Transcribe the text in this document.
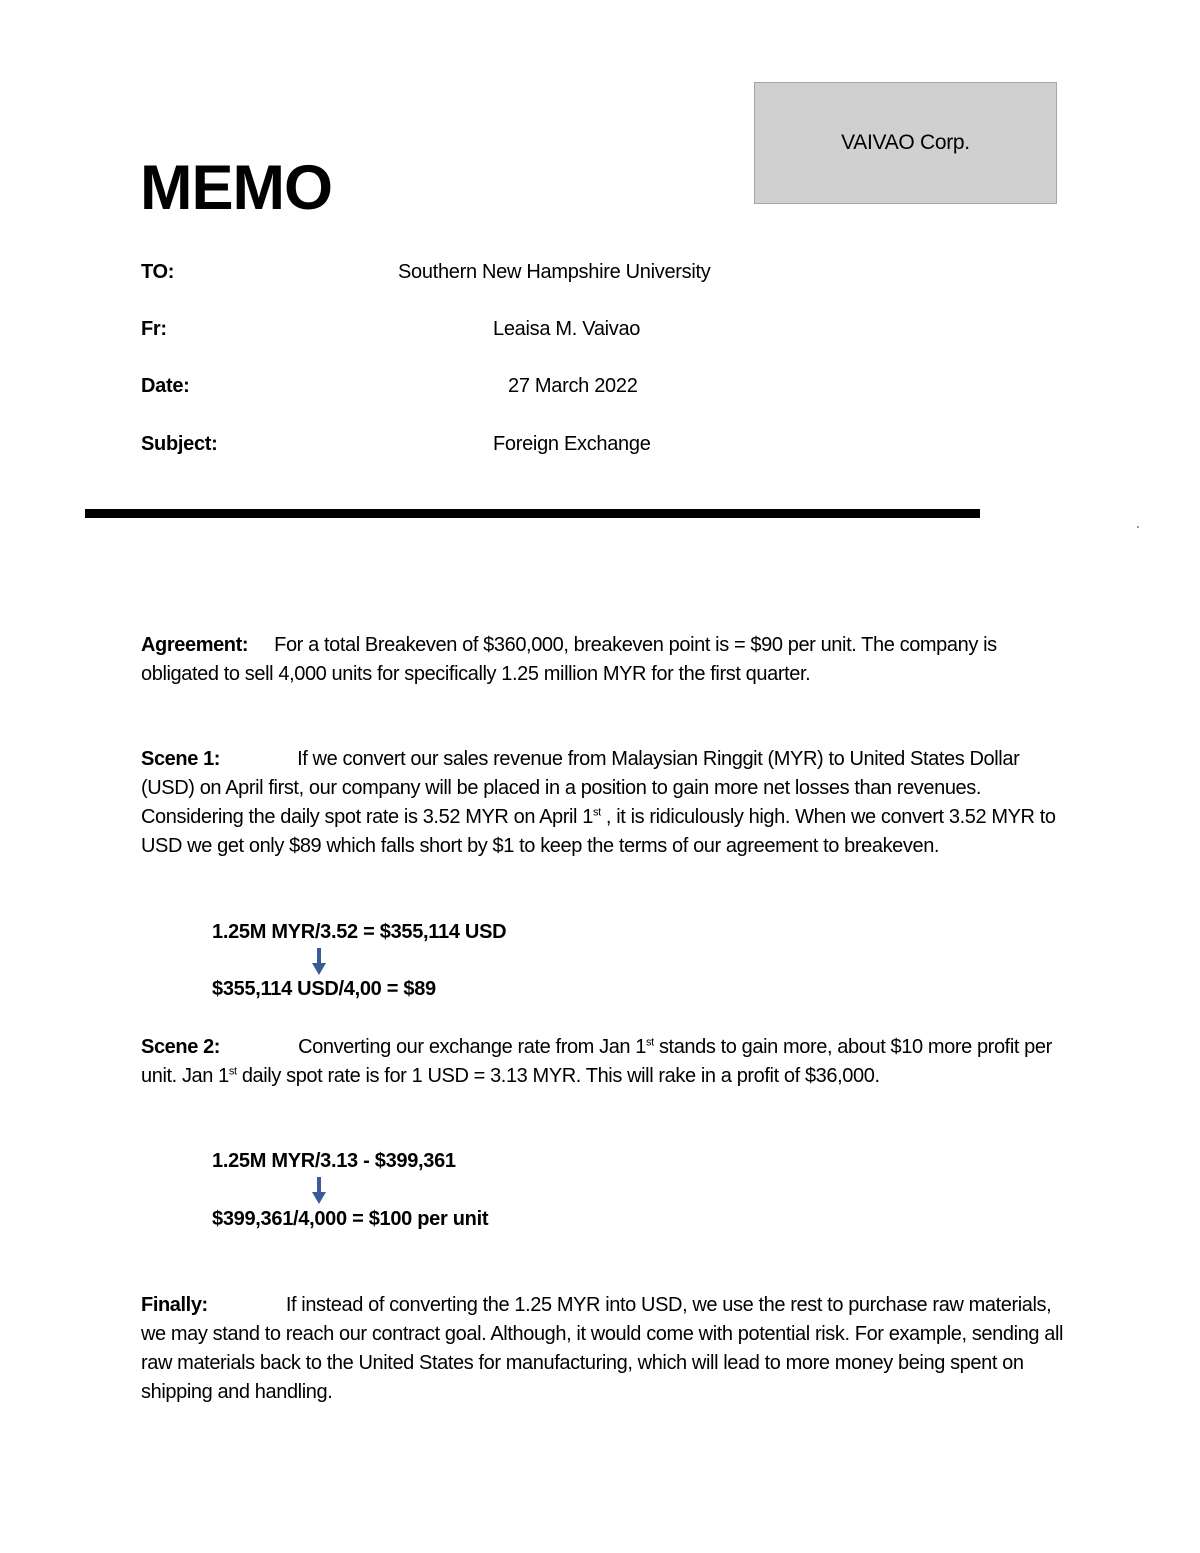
VAIVAO Corp.
MEMO
TO:	Southern New Hampshire University
Fr:	Leaisa M. Vaivao
Date:	27 March 2022
Subject:	Foreign Exchange
Agreement: For a total Breakeven of $360,000, breakeven point is = $90 per unit. The company is obligated to sell 4,000 units for specifically 1.25 million MYR for the first quarter.
Scene 1:	If we convert our sales revenue from Malaysian Ringgit (MYR) to United States Dollar (USD) on April first, our company will be placed in a position to gain more net losses than revenues. Considering the daily spot rate is 3.52 MYR on April 1st , it is ridiculously high. When we convert 3.52 MYR to USD we get only $89 which falls short by $1 to keep the terms of our agreement to breakeven.
1.25M MYR/3.52 = $355,114 USD
$355,114 USD/4,00 = $89
Scene 2:	Converting our exchange rate from Jan 1st stands to gain more, about $10 more profit per unit. Jan 1st daily spot rate is for 1 USD = 3.13 MYR. This will rake in a profit of $36,000.
1.25M MYR/3.13 - $399,361
$399,361/4,000 = $100 per unit
Finally:	If instead of converting the 1.25 MYR into USD, we use the rest to purchase raw materials, we may stand to reach our contract goal. Although, it would come with potential risk. For example, sending all raw materials back to the United States for manufacturing, which will lead to more money being spent on shipping and handling.
